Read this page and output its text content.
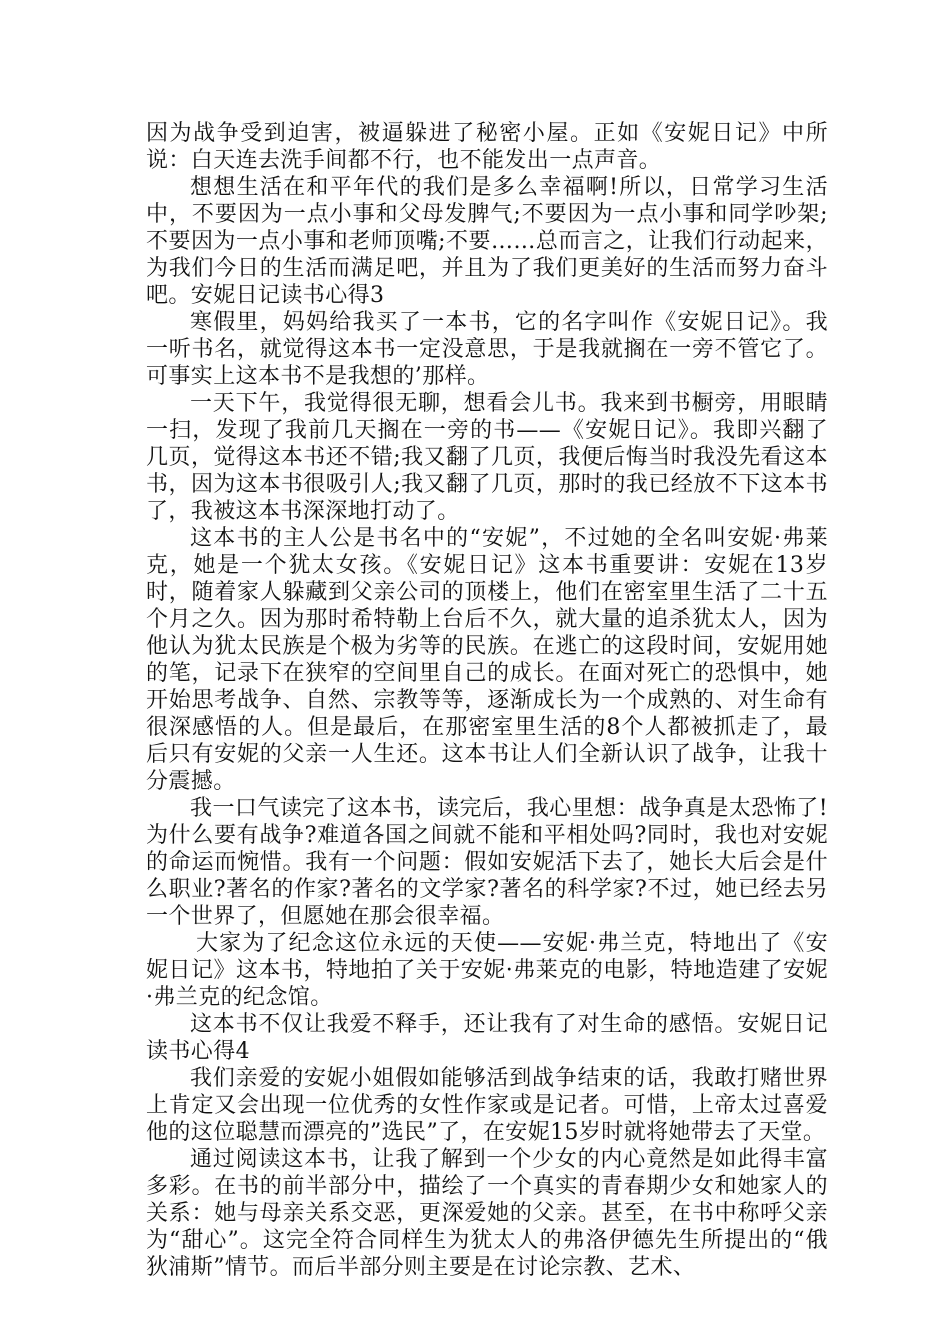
因为战争受到迫害，被逼躲进了秘密小屋。正如《安妮日记》中所说：白天连去洗手间都不行，也不能发出一点声音。

想想生活在和平年代的我们是多么幸福啊!所以，日常学习生活中，不要因为一点小事和父母发脾气;不要因为一点小事和同学吵架;不要因为一点小事和老师顶嘴;不要……总而言之，让我们行动起来，为我们今日的生活而满足吧，并且为了我们更美好的生活而努力奋斗吧。安妮日记读书心得3

寒假里，妈妈给我买了一本书，它的名字叫作《安妮日记》。我一听书名，就觉得这本书一定没意思，于是我就搁在一旁不管它了。可事实上这本书不是我想的’那样。

一天下午，我觉得很无聊，想看会儿书。我来到书橱旁，用眼睛一扫，发现了我前几天搁在一旁的书——《安妮日记》。我即兴翻了几页，觉得这本书还不错;我又翻了几页，我便后悔当时我没先看这本书，因为这本书很吸引人;我又翻了几页，那时的我已经放不下这本书了，我被这本书深深地打动了。

这本书的主人公是书名中的“安妮”，不过她的全名叫安妮·弗莱克，她是一个犹太女孩。《安妮日记》这本书重要讲：安妮在13岁时，随着家人躲藏到父亲公司的顶楼上，他们在密室里生活了二十五个月之久。因为那时希特勒上台后不久，就大量的追杀犹太人，因为他认为犹太民族是个极为劣等的民族。在逃亡的这段时间，安妮用她的笔，记录下在狭窄的空间里自己的成长。在面对死亡的恐惧中，她开始思考战争、自然、宗教等等，逐渐成长为一个成熟的、对生命有很深感悟的人。但是最后，在那密室里生活的8个人都被抓走了，最后只有安妮的父亲一人生还。这本书让人们全新认识了战争，让我十分震撼。

我一口气读完了这本书，读完后，我心里想：战争真是太恐怖了!为什么要有战争?难道各国之间就不能和平相处吗?同时，我也对安妮的命运而惋惜。我有一个问题：假如安妮活下去了，她长大后会是什么职业?著名的作家?著名的文学家?著名的科学家?不过，她已经去另一个世界了，但愿她在那会很幸福。

大家为了纪念这位永远的天使——安妮·弗兰克，特地出了《安妮日记》这本书，特地拍了关于安妮·弗莱克的电影，特地造建了安妮·弗兰克的纪念馆。

这本书不仅让我爱不释手，还让我有了对生命的感悟。安妮日记读书心得4

我们亲爱的安妮小姐假如能够活到战争结束的话，我敢打赌世界上肯定又会出现一位优秀的女性作家或是记者。可惜，上帝太过喜爱他的这位聪慧而漂亮的”选民”了，在安妮15岁时就将她带去了天堂。

通过阅读这本书，让我了解到一个少女的内心竟然是如此得丰富多彩。在书的前半部分中，描绘了一个真实的青春期少女和她家人的关系：她与母亲关系交恶，更深爱她的父亲。甚至，在书中称呼父亲为“甜心”。这完全符合同样生为犹太人的弗洛伊德先生所提出的“俄狄浦斯”情节。而后半部分则主要是在讨论宗教、艺术、
